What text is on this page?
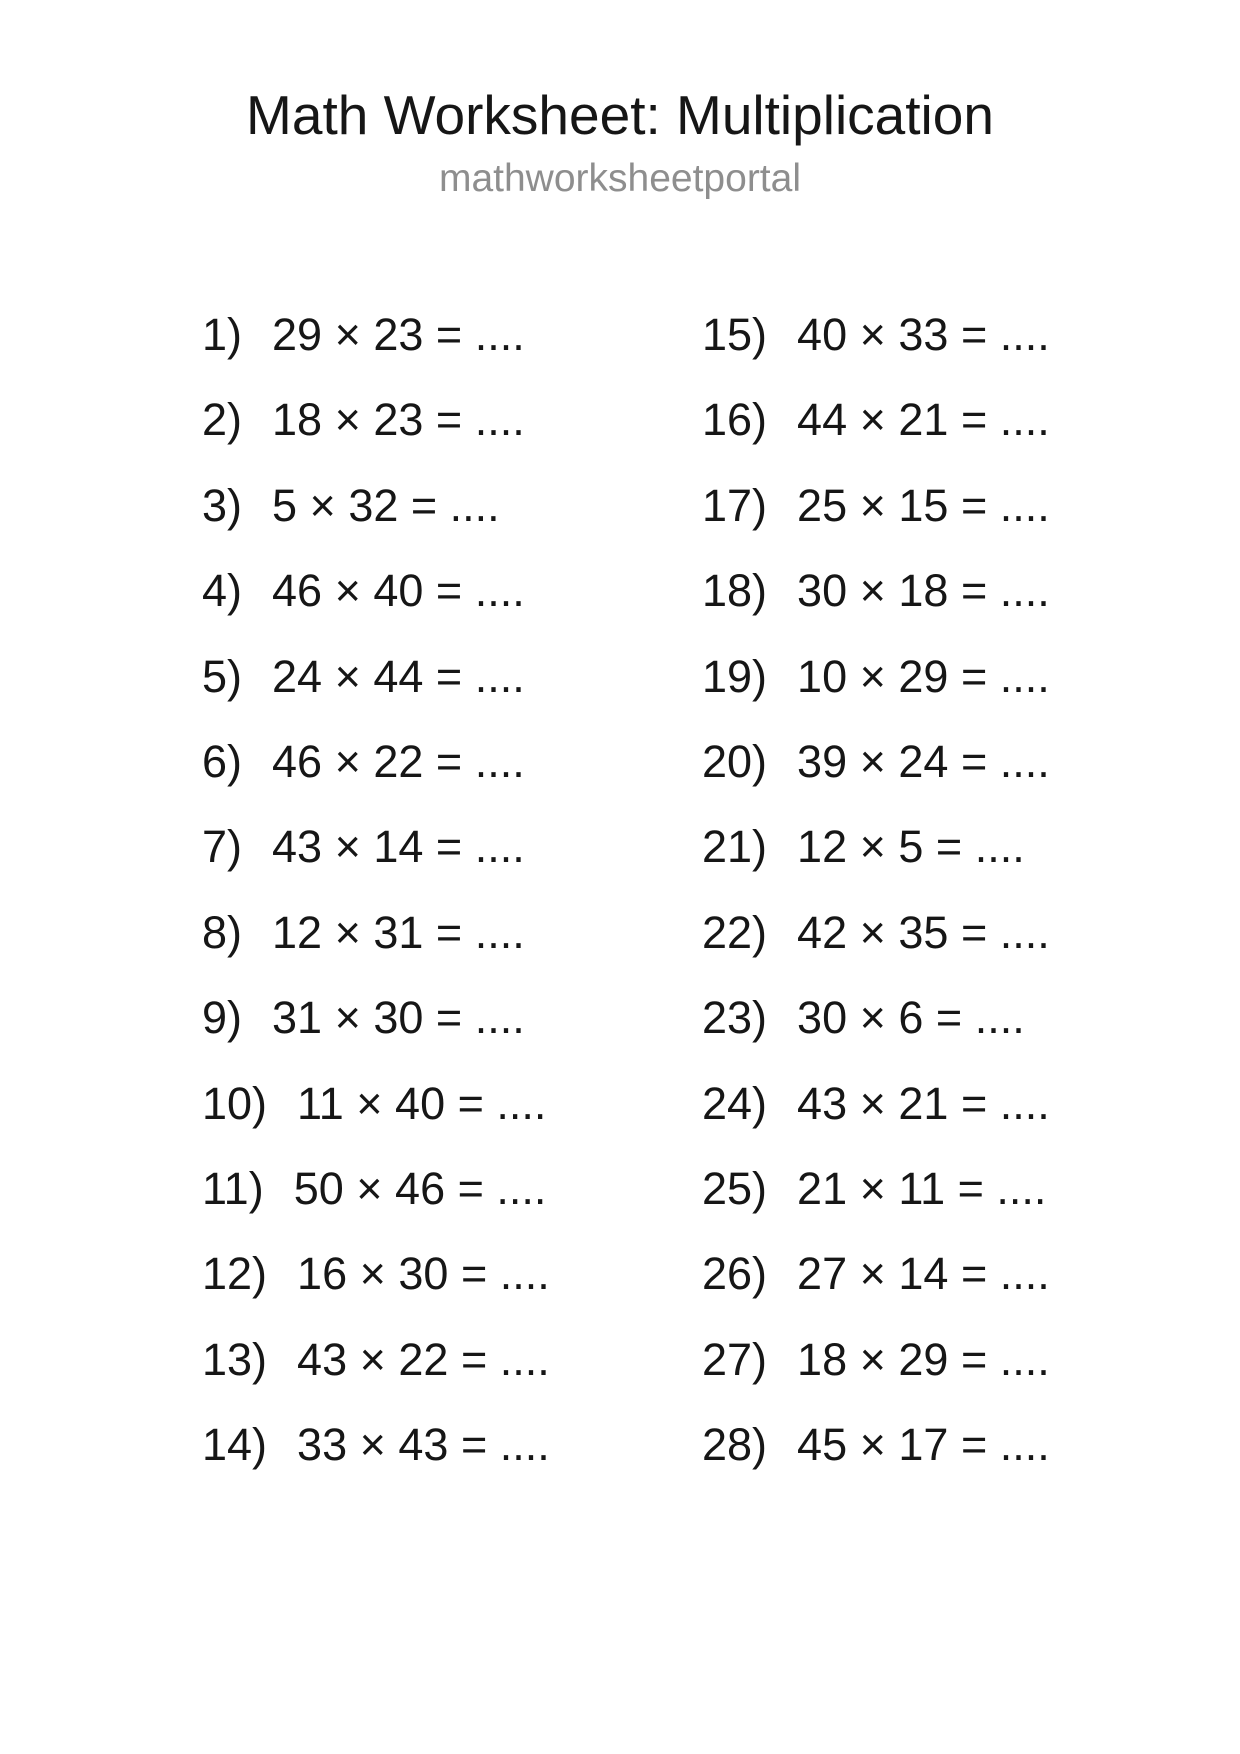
Math Worksheet: Multiplication
mathworksheetportal
1) 29 × 23 = ....
2) 18 × 23 = ....
3) 5 × 32 = ....
4) 46 × 40 = ....
5) 24 × 44 = ....
6) 46 × 22 = ....
7) 43 × 14 = ....
8) 12 × 31 = ....
9) 31 × 30 = ....
10) 11 × 40 = ....
11) 50 × 46 = ....
12) 16 × 30 = ....
13) 43 × 22 = ....
14) 33 × 43 = ....
15) 40 × 33 = ....
16) 44 × 21 = ....
17) 25 × 15 = ....
18) 30 × 18 = ....
19) 10 × 29 = ....
20) 39 × 24 = ....
21) 12 × 5 = ....
22) 42 × 35 = ....
23) 30 × 6 = ....
24) 43 × 21 = ....
25) 21 × 11 = ....
26) 27 × 14 = ....
27) 18 × 29 = ....
28) 45 × 17 = ....
